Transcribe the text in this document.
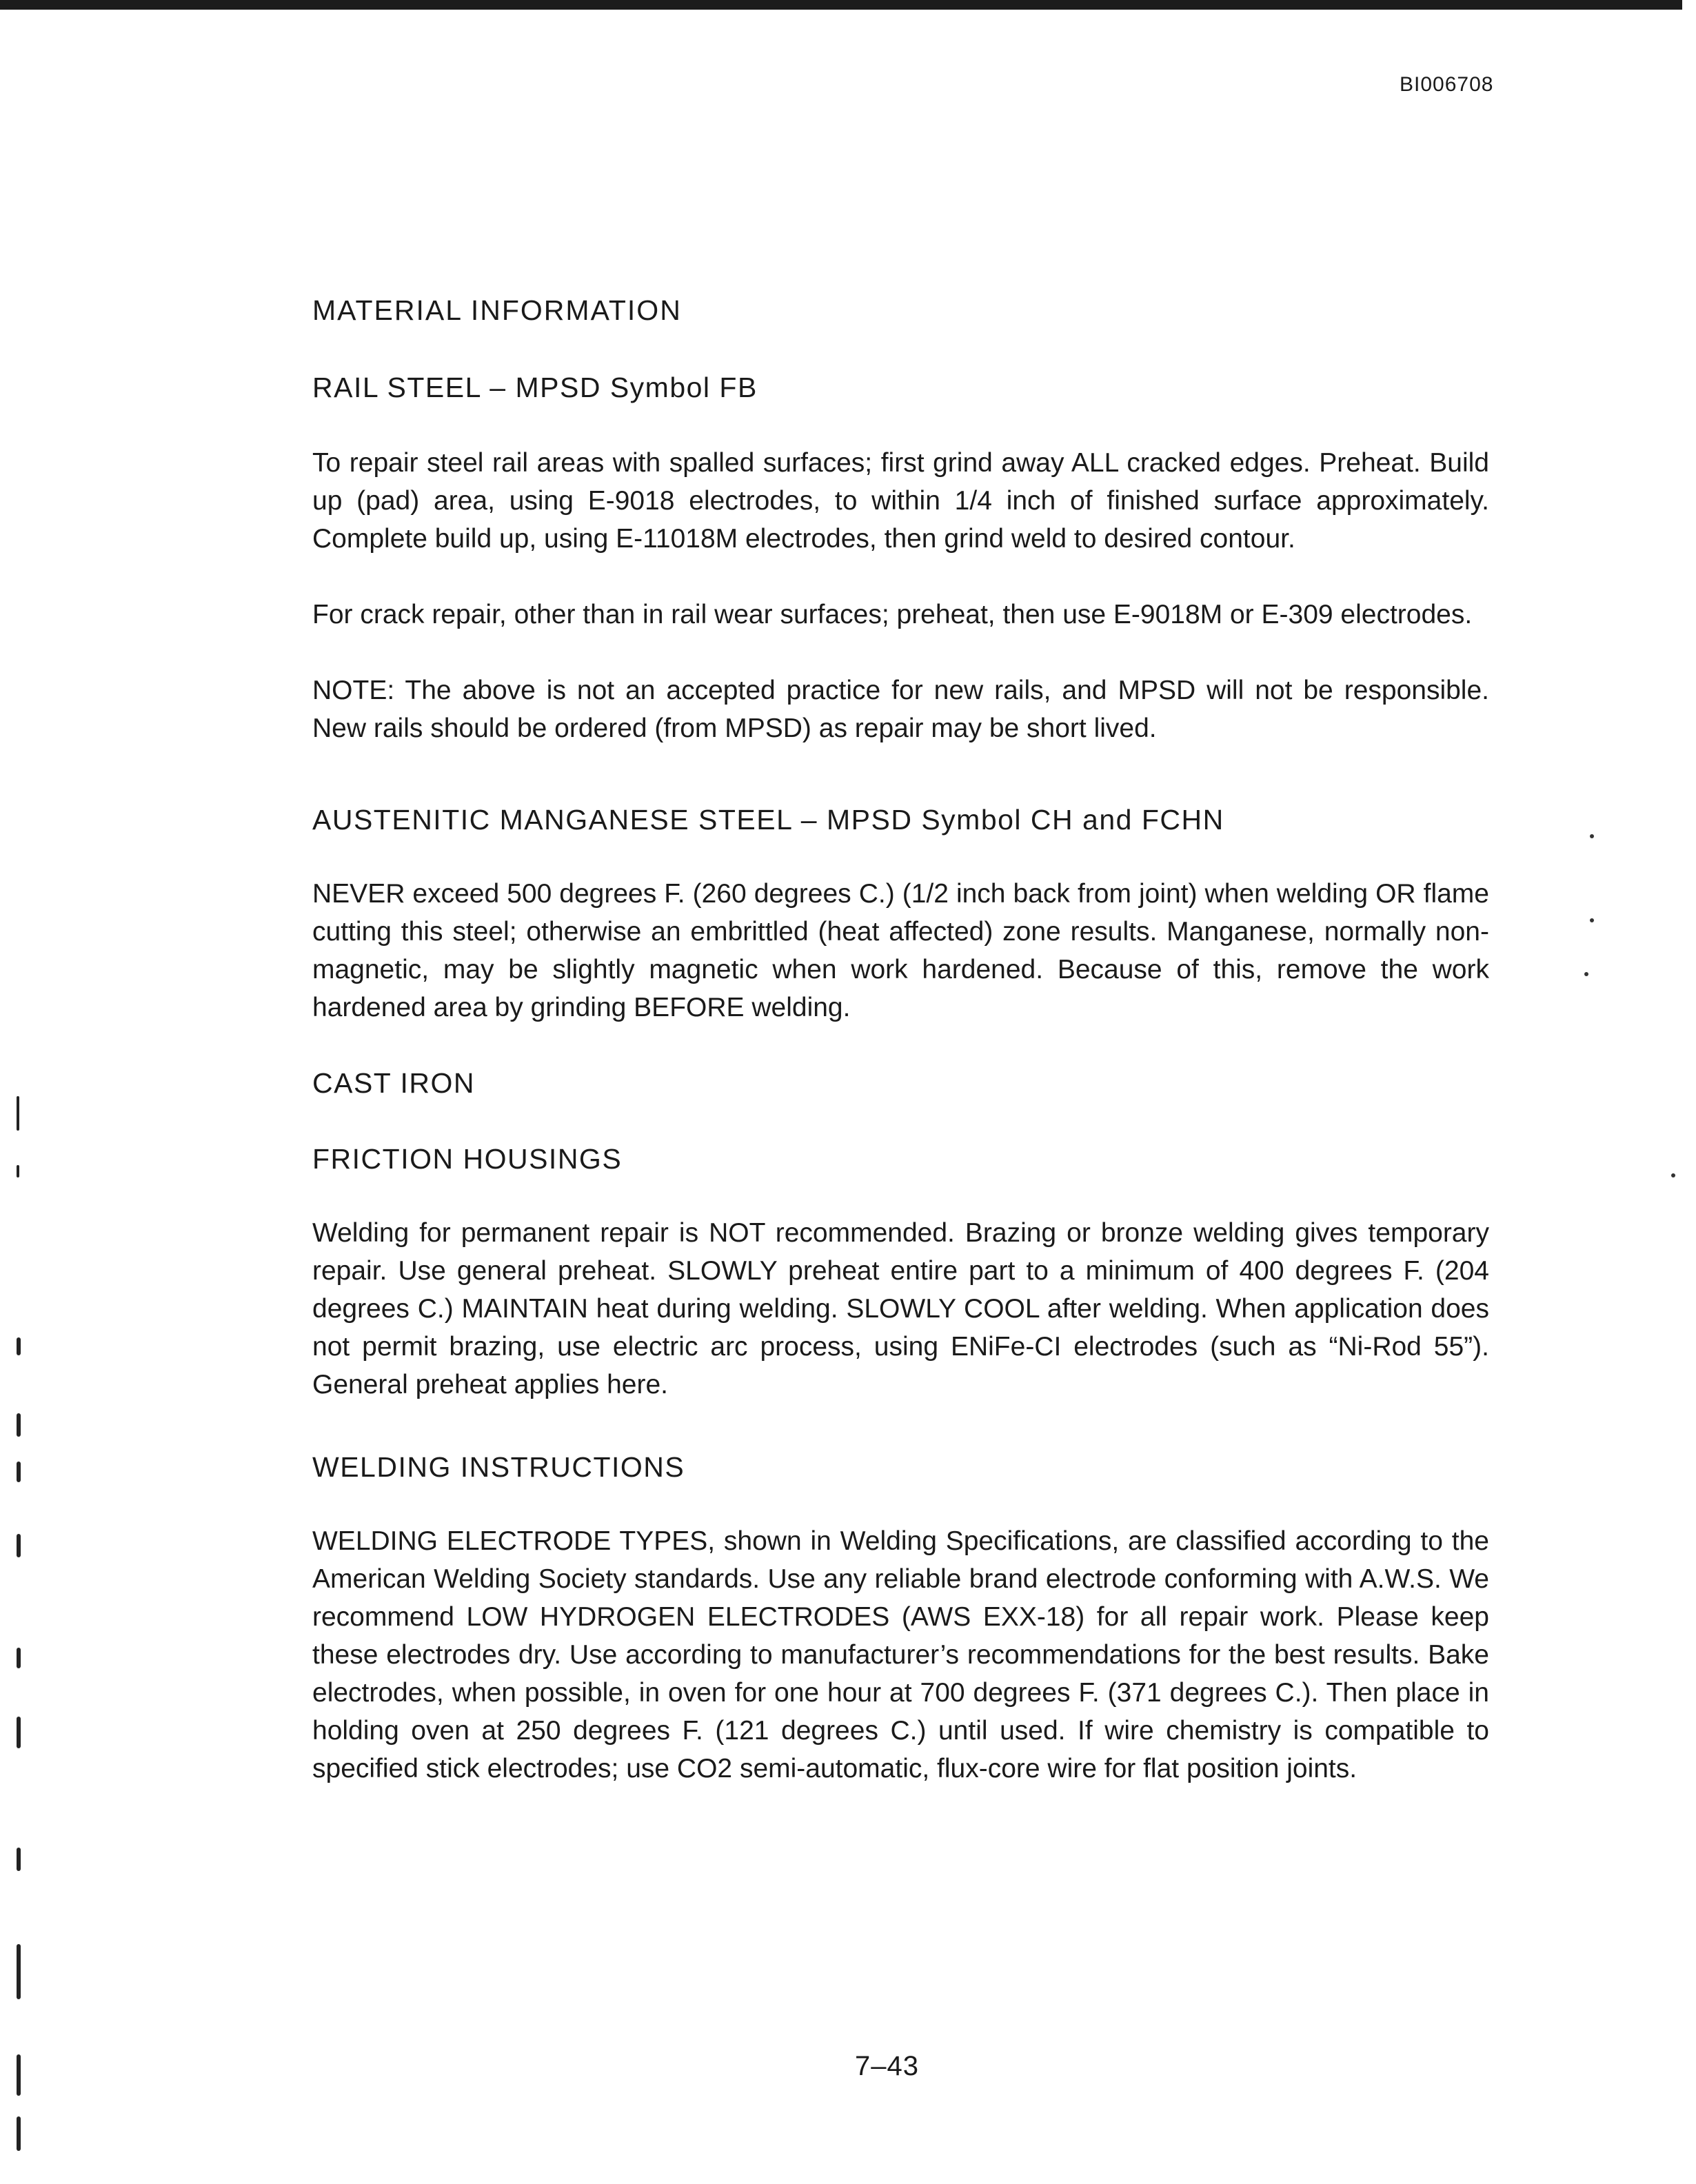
BI006708
MATERIAL INFORMATION

RAIL STEEL – MPSD Symbol FB

To repair steel rail areas with spalled surfaces; first grind away ALL cracked edges. Preheat. Build up (pad) area, using E-9018 electrodes, to within 1/4 inch of finished surface approximately. Complete build up, using E-11018M electrodes, then grind weld to desired contour.

For crack repair, other than in rail wear surfaces; preheat, then use E-9018M or E-309 electrodes.

NOTE: The above is not an accepted practice for new rails, and MPSD will not be responsible. New rails should be ordered (from MPSD) as repair may be short lived.

AUSTENITIC MANGANESE STEEL – MPSD Symbol CH and FCHN

NEVER exceed 500 degrees F. (260 degrees C.) (1/2 inch back from joint) when welding OR flame cutting this steel; otherwise an embrittled (heat affected) zone results. Manganese, normally non-magnetic, may be slightly magnetic when work hardened. Because of this, remove the work hardened area by grinding BEFORE welding.

CAST IRON

FRICTION HOUSINGS

Welding for permanent repair is NOT recommended. Brazing or bronze welding gives temporary repair. Use general preheat. SLOWLY preheat entire part to a minimum of 400 degrees F. (204 degrees C.) MAINTAIN heat during welding. SLOWLY COOL after welding. When application does not permit brazing, use electric arc process, using ENiFe-CI electrodes (such as “Ni-Rod 55”). General preheat applies here.

WELDING INSTRUCTIONS

WELDING ELECTRODE TYPES, shown in Welding Specifications, are classified according to the American Welding Society standards. Use any reliable brand electrode conforming with A.W.S. We recommend LOW HYDROGEN ELECTRODES (AWS EXX-18) for all repair work. Please keep these electrodes dry. Use according to manufacturer’s recommendations for the best results. Bake electrodes, when possible, in oven for one hour at 700 degrees F. (371 degrees C.). Then place in holding oven at 250 degrees F. (121 degrees C.) until used. If wire chemistry is compatible to specified stick electrodes; use CO2 semi-automatic, flux-core wire for flat position joints.

7–43
